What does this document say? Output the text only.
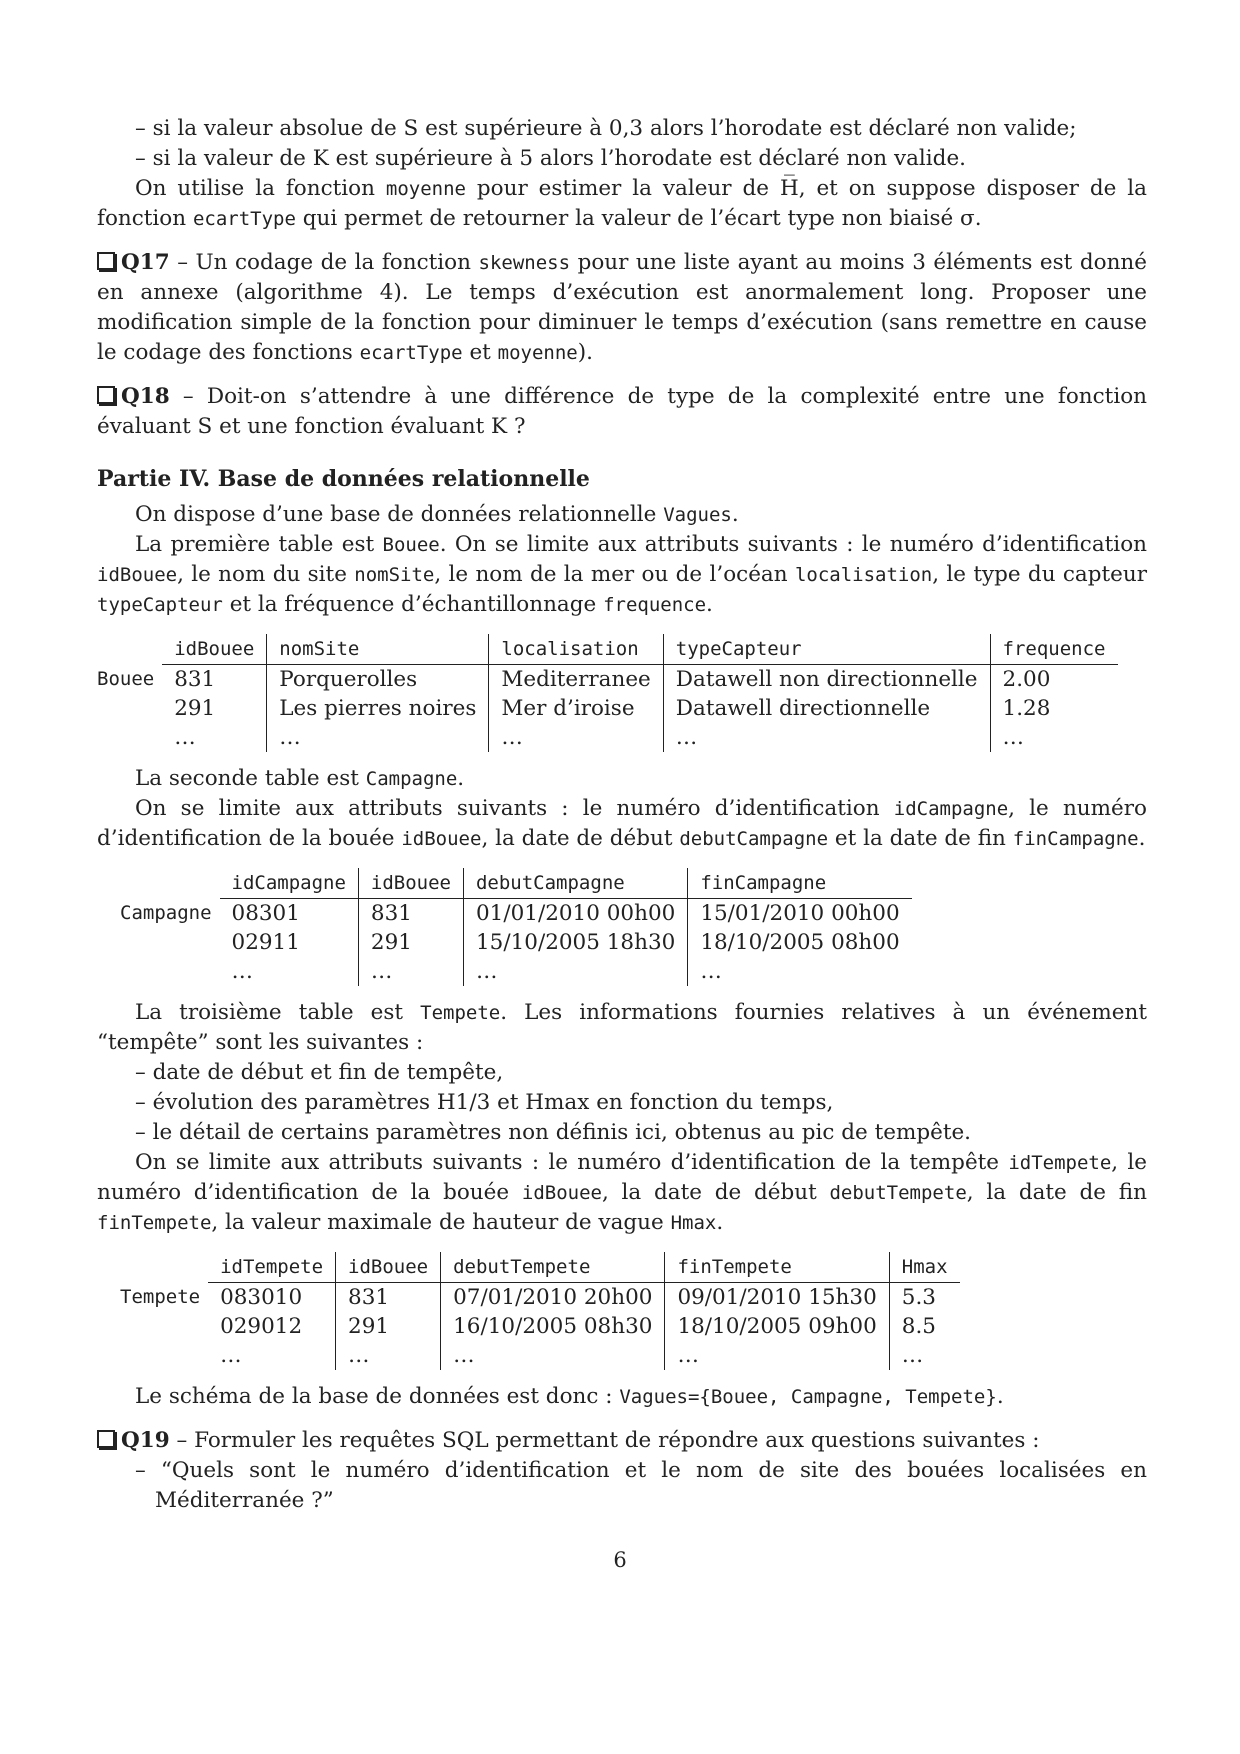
– si la valeur absolue de S est supérieure à 0,3 alors l’horodate est déclaré non valide;

– si la valeur de K est supérieure à 5 alors l’horodate est déclaré non valide.

On utilise la fonction moyenne pour estimer la valeur de H̅, et on suppose disposer de la fonction ecartType qui permet de retourner la valeur de l’écart type non biaisé σ.

Q17 – Un codage de la fonction skewness pour une liste ayant au moins 3 éléments est donné en annexe (algorithme 4). Le temps d’exécution est anormalement long. Proposer une modification simple de la fonction pour diminuer le temps d’exécution (sans remettre en cause le codage des fonctions ecartType et moyenne).

Q18 – Doit-on s’attendre à une différence de type de la complexité entre une fonction évaluant S et une fonction évaluant K ?

Partie IV. Base de données relationnelle

On dispose d’une base de données relationnelle Vagues.

La première table est Bouee. On se limite aux attributs suivants : le numéro d’identification idBouee, le nom du site nomSite, le nom de la mer ou de l’océan localisation, le type du capteur typeCapteur et la fréquence d’échantillonnage frequence.

Bouee
idBouee	nomSite	localisation	typeCapteur	frequence
831	Porquerolles	Mediterranee	Datawell non directionnelle	2.00
291	Les pierres noires	Mer d’iroise	Datawell directionnelle	1.28
…	…	…	…	…

La seconde table est Campagne.

On se limite aux attributs suivants : le numéro d’identification idCampagne, le numéro d’identification de la bouée idBouee, la date de début debutCampagne et la date de fin finCampagne.

Campagne
idCampagne	idBouee	debutCampagne	finCampagne
08301	831	01/01/2010 00h00	15/01/2010 00h00
02911	291	15/10/2005 18h30	18/10/2005 08h00
…	…	…	…

La troisième table est Tempete. Les informations fournies relatives à un événement “tempête” sont les suivantes :

– date de début et fin de tempête,

– évolution des paramètres H1/3 et Hmax en fonction du temps,

– le détail de certains paramètres non définis ici, obtenus au pic de tempête.

On se limite aux attributs suivants : le numéro d’identification de la tempête idTempete, le numéro d’identification de la bouée idBouee, la date de début debutTempete, la date de fin finTempete, la valeur maximale de hauteur de vague Hmax.

Tempete
idTempete	idBouee	debutTempete	finTempete	Hmax
083010	831	07/01/2010 20h00	09/01/2010 15h30	5.3
029012	291	16/10/2005 08h30	18/10/2005 09h00	8.5
…	…	…	…	…

Le schéma de la base de données est donc : Vagues={Bouee, Campagne, Tempete}.

Q19 – Formuler les requêtes SQL permettant de répondre aux questions suivantes :

– “Quels sont le numéro d’identification et le nom de site des bouées localisées en Méditerranée ?”

6
